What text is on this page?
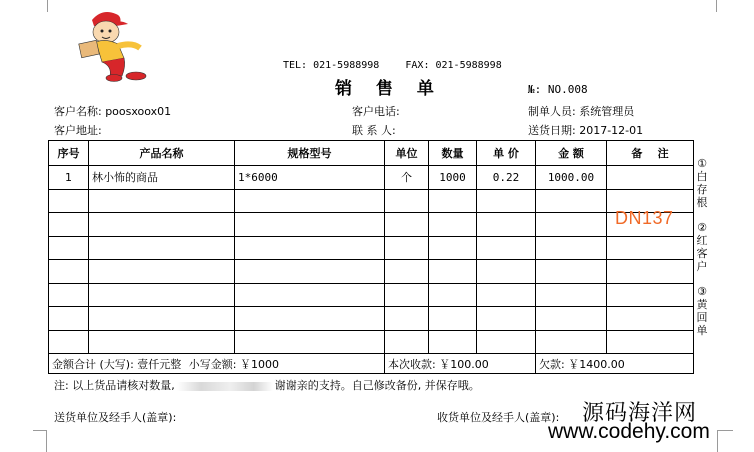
TEL: 021-5988998	FAX: 021-5988998
销 售 单	№: NO.008
客户名称: poosxoox01	客户电话:	制单人员: 系统管理员
客户地址:	联 系 人:	送货日期: 2017-12-01
序号	产品名称	规格型号	单位	数量	单 价	金 额	备    注
1	林小怖的商品	1*6000	个	1000	0.22	1000.00	

金额合计 (大写): 壹仟元整 小写金额: ￥1000			本次收款: ￥100.00			欠款: ￥1400.00	
①
白
存
根
②
红
客
户
③
黄
回
单
DN137
注: 以上货品请核对数量,	谢谢亲的支持。自己修改备份, 并保存哦。
送货单位及经手人(盖章):	收货单位及经手人(盖章): 源码海洋网
www.codehy.com
